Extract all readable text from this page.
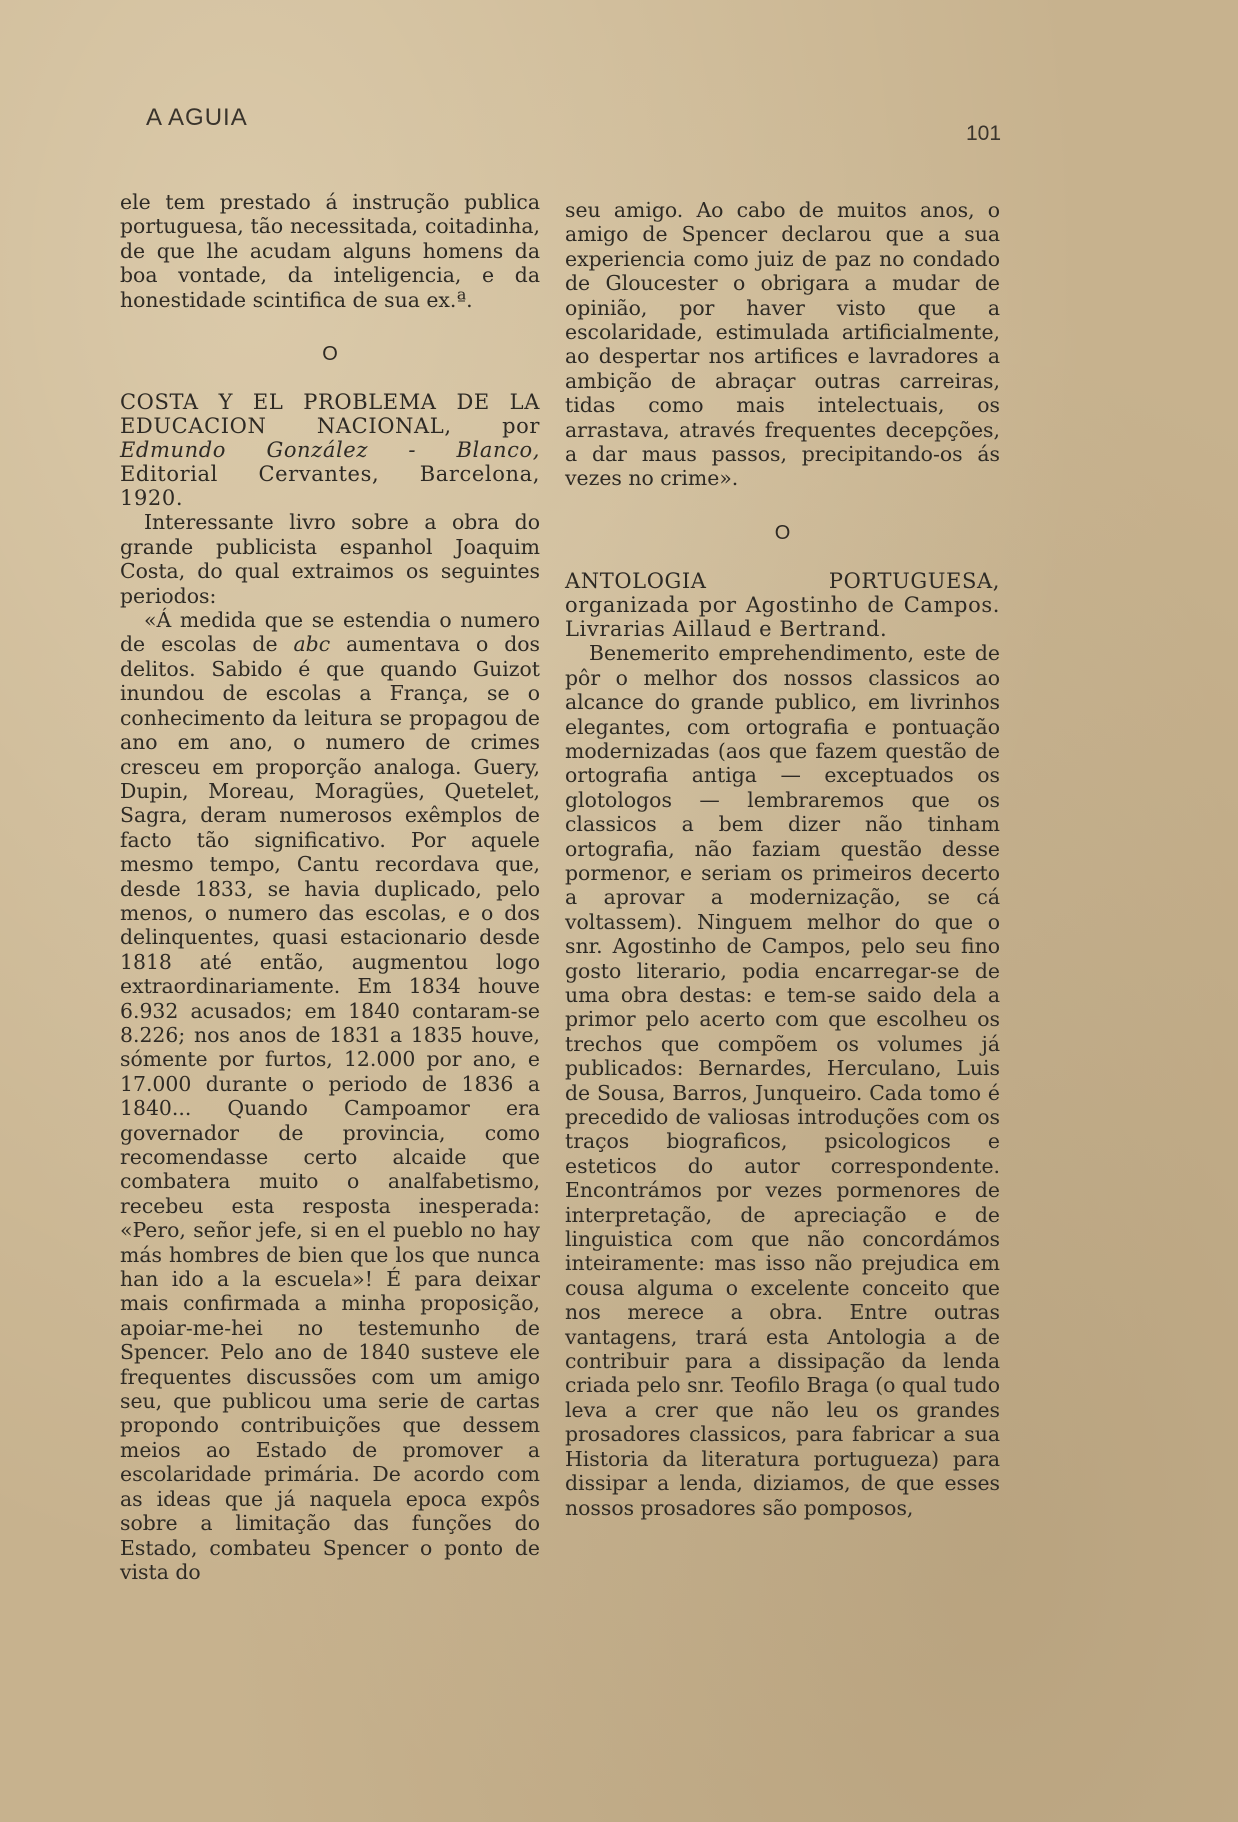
A AGUIA
101

ele tem prestado á instrução publica portuguesa, tão necessitada, coitadinha, de que lhe acudam alguns homens da boa vontade, da inteligencia, e da honestidade scintifica de sua ex.ª.

O

COSTA Y EL PROBLEMA DE LA EDUCACION NACIONAL, por Edmundo González - Blanco, Editorial Cervantes, Barcelona, 1920.

Interessante livro sobre a obra do grande publicista espanhol Joaquim Costa, do qual extraimos os seguintes periodos:

«Á medida que se estendia o numero de escolas de abc aumentava o dos delitos. Sabido é que quando Guizot inundou de escolas a França, se o conhecimento da leitura se propagou de ano em ano, o numero de crimes cresceu em proporção analoga. Guery, Dupin, Moreau, Moragües, Quetelet, Sagra, deram numerosos exêmplos de facto tão significativo. Por aquele mesmo tempo, Cantu recordava que, desde 1833, se havia duplicado, pelo menos, o numero das escolas, e o dos delinquentes, quasi estacionario desde 1818 até então, augmentou logo extraordinariamente. Em 1834 houve 6.932 acusados; em 1840 contaram-se 8.226; nos anos de 1831 a 1835 houve, sómente por furtos, 12.000 por ano, e 17.000 durante o periodo de 1836 a 1840... Quando Campoamor era governador de provincia, como recomendasse certo alcaide que combatera muito o analfabetismo, recebeu esta resposta inesperada: «Pero, señor jefe, si en el pueblo no hay más hombres de bien que los que nunca han ido a la escuela»! É para deixar mais confirmada a minha proposição, apoiar-me-hei no testemunho de Spencer. Pelo ano de 1840 susteve ele frequentes discussões com um amigo seu, que publicou uma serie de cartas propondo contribuições que dessem meios ao Estado de promover a escolaridade primária. De acordo com as ideas que já naquela epoca expôs sobre a limitação das funções do Estado, combateu Spencer o ponto de vista do

seu amigo. Ao cabo de muitos anos, o amigo de Spencer declarou que a sua experiencia como juiz de paz no condado de Gloucester o obrigara a mudar de opinião, por haver visto que a escolaridade, estimulada artificialmente, ao despertar nos artifices e lavradores a ambição de abraçar outras carreiras, tidas como mais intelectuais, os arrastava, através frequentes decepções, a dar maus passos, precipitando-os ás vezes no crime».

O

ANTOLOGIA PORTUGUESA, organizada por Agostinho de Campos. Livrarias Aillaud e Bertrand.

Benemerito emprehendimento, este de pôr o melhor dos nossos classicos ao alcance do grande publico, em livrinhos elegantes, com ortografia e pontuação modernizadas (aos que fazem questão de ortografia antiga — exceptuados os glotologos — lembraremos que os classicos a bem dizer não tinham ortografia, não faziam questão desse pormenor, e seriam os primeiros decerto a aprovar a modernização, se cá voltassem). Ninguem melhor do que o snr. Agostinho de Campos, pelo seu fino gosto literario, podia encarregar-se de uma obra destas: e tem-se saido dela a primor pelo acerto com que escolheu os trechos que compõem os volumes já publicados: Bernardes, Herculano, Luis de Sousa, Barros, Junqueiro. Cada tomo é precedido de valiosas introduções com os traços biograficos, psicologicos e esteticos do autor correspondente. Encontrámos por vezes pormenores de interpretação, de apreciação e de linguistica com que não concordámos inteiramente: mas isso não prejudica em cousa alguma o excelente conceito que nos merece a obra. Entre outras vantagens, trará esta Antologia a de contribuir para a dissipação da lenda criada pelo snr. Teofilo Braga (o qual tudo leva a crer que não leu os grandes prosadores classicos, para fabricar a sua Historia da literatura portugueza) para dissipar a lenda, diziamos, de que esses nossos prosadores são pomposos,
